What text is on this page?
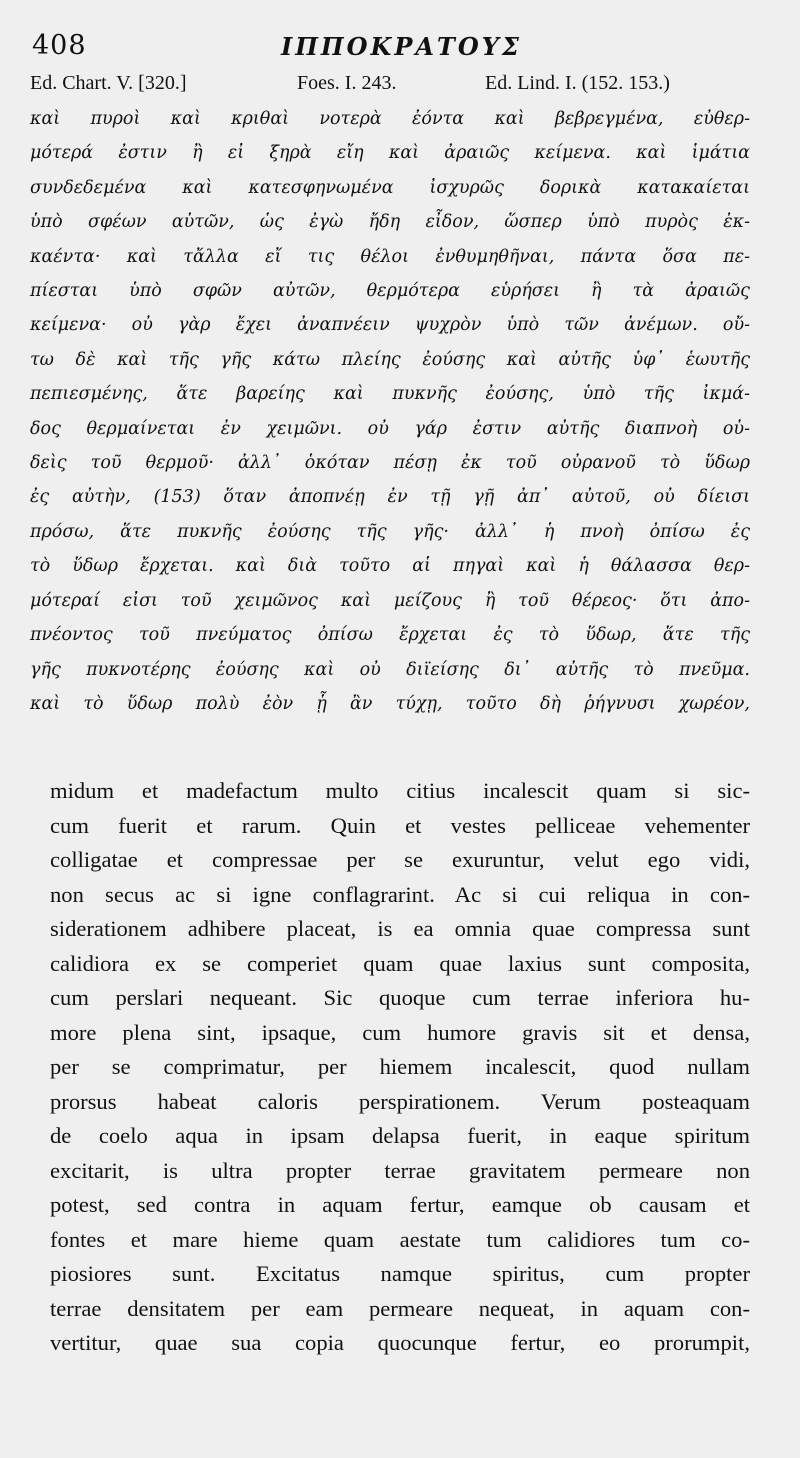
408	ΙΠΠΟΚΡΑΤΟΥΣ
Ed. Chart. V. [320.]	Foes. I. 243.	Ed. Lind. I. (152. 153.)
καὶ πυροὶ καὶ κριθαὶ νοτερὰ ἐόντα καὶ βεβρεγμένα, εὐθερ-
μότερά ἐστιν ἢ εἰ ξηρὰ εἴη καὶ ἀραιῶς κείμενα. καὶ ἱμάτια
συνδεδεμένα καὶ κατεσφηνωμένα ἰσχυρῶς δορικὰ κατακαίεται
ὑπὸ σφέων αὐτῶν, ὡς ἐγὼ ἤδη εἶδον, ὥσπερ ὑπὸ πυρὸς ἐκ-
καέντα· καὶ τἄλλα εἴ τις θέλοι ἐνθυμηθῆναι, πάντα ὅσα πε-
πίεσται ὑπὸ σφῶν αὐτῶν, θερμότερα εὑρήσει ἢ τὰ ἀραιῶς
κείμενα· οὐ γὰρ ἔχει ἀναπνέειν ψυχρὸν ὑπὸ τῶν ἀνέμων. οὔ-
τω δὲ καὶ τῆς γῆς κάτω πλείης ἐούσης καὶ αὐτῆς ὑφ᾽ ἑωυτῆς
πεπιεσμένης, ἅτε βαρείης καὶ πυκνῆς ἐούσης, ὑπὸ τῆς ἰκμά-
δος θερμαίνεται ἐν χειμῶνι. οὐ γάρ ἐστιν αὐτῆς διαπνοὴ οὐ-
δεὶς τοῦ θερμοῦ· ἀλλ᾽ ὁκόταν πέσῃ ἐκ τοῦ οὐρανοῦ τὸ ὕδωρ
ἐς αὐτὴν, (153) ὅταν ἀποπνέῃ ἐν τῇ γῇ ἀπ᾽ αὐτοῦ, οὐ δίεισι
πρόσω, ἅτε πυκνῆς ἐούσης τῆς γῆς· ἀλλ᾽ ἡ πνοὴ ὀπίσω ἐς
τὸ ὕδωρ ἔρχεται. καὶ διὰ τοῦτο αἱ πηγαὶ καὶ ἡ θάλασσα θερ-
μότεραί εἰσι τοῦ χειμῶνος καὶ μείζους ἢ τοῦ θέρεος· ὅτι ἀπο-
πνέοντος τοῦ πνεύματος ὀπίσω ἔρχεται ἐς τὸ ὕδωρ, ἅτε τῆς
γῆς πυκνοτέρης ἐούσης καὶ οὐ διϊείσης δι᾽ αὐτῆς τὸ πνεῦμα.
καὶ τὸ ὕδωρ πολὺ ἐὸν ᾗ ἂν τύχῃ, τοῦτο δὴ ῥήγνυσι χωρέον,
midum et madefactum multo citius incalescit quam si sic-
cum fuerit et rarum. Quin et vestes pelliceae vehementer
colligatae et compressae per se exuruntur, velut ego vidi,
non secus ac si igne conflagrarint. Ac si cui reliqua in con-
siderationem adhibere placeat, is ea omnia quae compressa sunt
calidiora ex se comperiet quam quae laxius sunt composita,
cum perslari nequeant. Sic quoque cum terrae inferiora hu-
more plena sint, ipsaque, cum humore gravis sit et densa,
per se comprimatur, per hiemem incalescit, quod nullam
prorsus habeat caloris perspirationem. Verum posteaquam
de coelo aqua in ipsam delapsa fuerit, in eaque spiritum
excitarit, is ultra propter terrae gravitatem permeare non
potest, sed contra in aquam fertur, eamque ob causam et
fontes et mare hieme quam aestate tum calidiores tum co-
piosiores sunt. Excitatus namque spiritus, cum propter
terrae densitatem per eam permeare nequeat, in aquam con-
vertitur, quae sua copia quocunque fertur, eo prorumpit,
